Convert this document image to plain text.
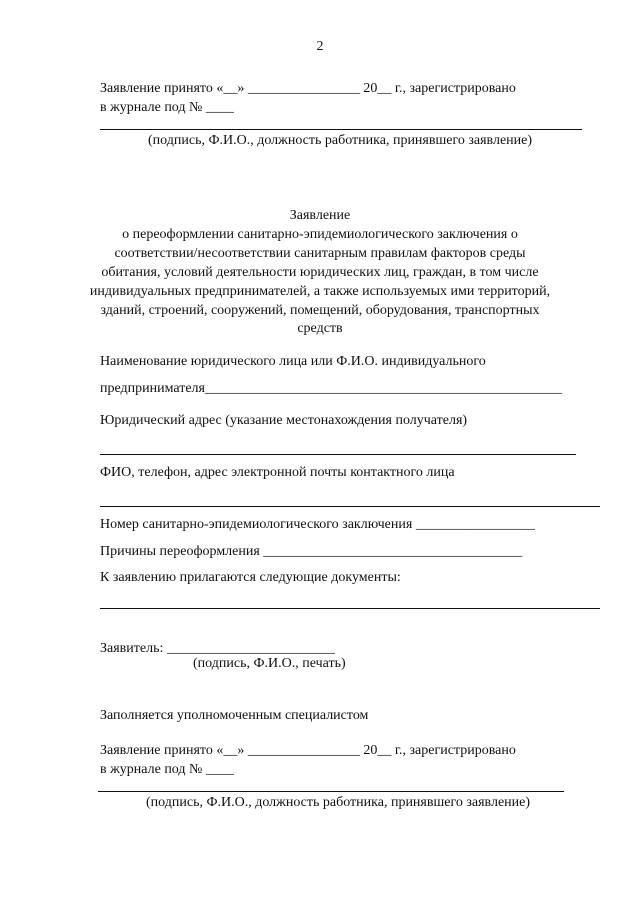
2
Заявление принято «__» ________________ 20__ г., зарегистрировано
в журнале под № ____
(подпись, Ф.И.О., должность работника, принявшего заявление)
Заявление
о переоформлении санитарно-эпидемиологического заключения о
соответствии/несоответствии санитарным правилам факторов среды
обитания, условий деятельности юридических лиц, граждан, в том числе
индивидуальных предпринимателей, а также используемых ими территорий,
зданий, строений, сооружений, помещений, оборудования, транспортных
средств
Наименование юридического лица или Ф.И.О. индивидуального
предпринимателя___________________________________________________
Юридический адрес (указание местонахождения получателя)
ФИО, телефон, адрес электронной почты контактного лица
Номер санитарно-эпидемиологического заключения _________________
Причины переоформления _____________________________________
К заявлению прилагаются следующие документы:
Заявитель: ________________________
(подпись, Ф.И.О., печать)
Заполняется уполномоченным специалистом
Заявление принято «__» ________________ 20__ г., зарегистрировано
в журнале под № ____
(подпись, Ф.И.О., должность работника, принявшего заявление)
